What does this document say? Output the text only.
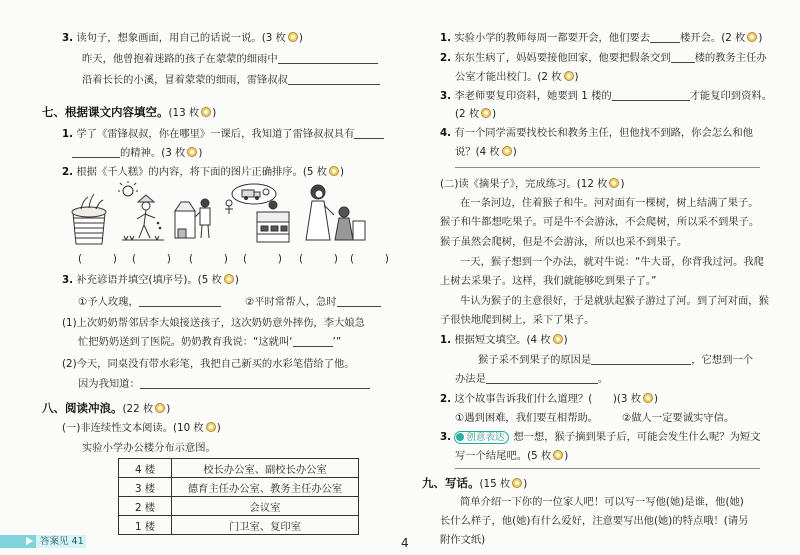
3. 读句子，想象画面，用自己的话说一说。(3 枚 )
昨天，他曾抱着迷路的孩子在蒙蒙的细雨中
沿着长长的小溪，冒着蒙蒙的细雨，雷锋叔叔
七、根据课文内容填空。(13 枚 )
1. 学了《雷锋叔叔，你在哪里》一课后，我知道了雷锋叔叔具有
的精神。(3 枚 )
2. 根据《千人糕》的内容，将下面的图片正确排序。(5 枚 )
(　　　) (　　　) (　　　) (　　　) (　　　) (　　　)
3. 补充谚语并填空(填序号)。(5 枚 )
①予人玫瑰，	②平时常帮人，急时
(1)上次奶奶帮邻居李大娘接送孩子，这次奶奶意外摔伤，李大娘急
忙把奶奶送到了医院。奶奶教育我说：“这就叫‘	’”
(2)今天，同桌没有带水彩笔，我把自己新买的水彩笔借给了他。
因为我知道：
八、阅读冲浪。(22 枚 )
(一)非连续性文本阅读。(10 枚 )
实验小学办公楼分布示意图。
4 楼	校长办公室、副校长办公室
3 楼	德育主任办公室、教务主任办公室
2 楼	会议室
1 楼	门卫室、复印室
答案见 41	4
1. 实验小学的教师每周一都要开会，他们要去	楼开会。(2 枚 )
2. 东东生病了，妈妈要接他回家，他要把假条交到 楼的教务主任办
公室才能出校门。(2 枚 )
3. 李老师要复印资料，她要到 1 楼的	才能复印到资料。
(2 枚 )
4. 有一个同学需要找校长和教务主任，但他找不到路，你会怎么和他
说？(4 枚 )
(二)读《摘果子》，完成练习。(12 枚 )
在一条河边，住着猴子和牛。河对面有一棵树，树上结满了果子。
猴子和牛都想吃果子。可是牛不会游泳，不会爬树，所以采不到果子。
猴子虽然会爬树，但是不会游泳，所以也采不到果子。
一天，猴子想到一个办法，就对牛说：“牛大哥，你背我过河。我爬
上树去采果子。这样，我们就能够吃到果子了。”
牛认为猴子的主意很好，于是就驮起猴子游过了河。到了河对面，猴
子很快地爬到树上，采下了果子。
1. 根据短文填空。(4 枚 )
猴子采不到果子的原因是	，它想到一个
办法是	。
2. 这个故事告诉我们什么道理？(　　)(3 枚 )
①遇到困难，我们要互相帮助。 ②做人一定要诚实守信。
3. 创意表达 想一想，猴子摘到果子后，可能会发生什么呢？为短文
写一个结尾吧。(5 枚 )
九、写话。(15 枚 )
简单介绍一下你的一位家人吧！可以写一写他(她)是谁，他(她)
长什么样子，他(她)有什么爱好，注意要写出他(她)的特点哦！(请另
附作文纸)
